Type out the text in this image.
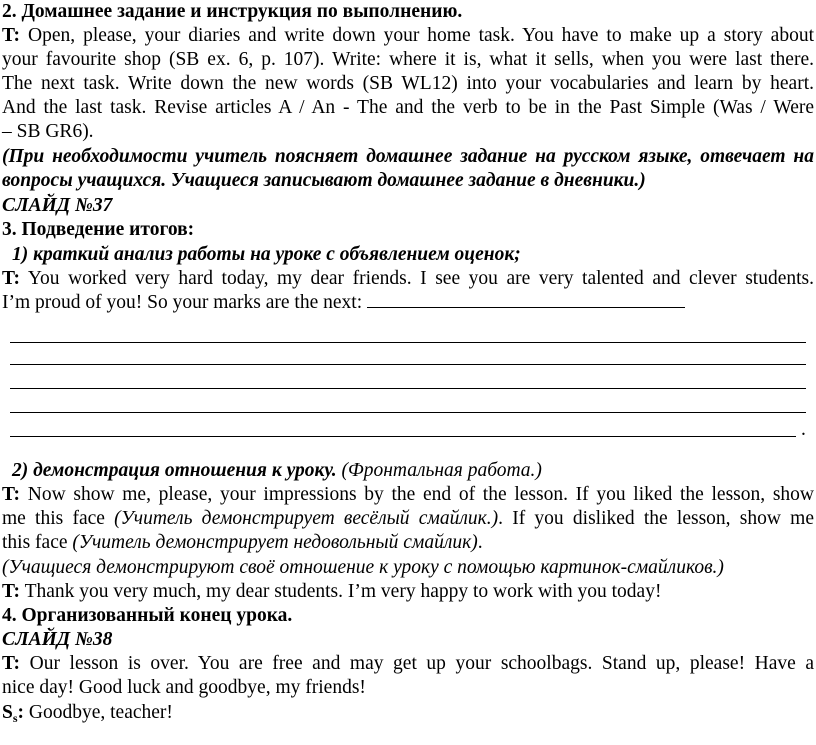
2. Домашнее задание и инструкция по выполнению.
T: Open, please, your diaries and write down your home task. You have to make up a story about
your favourite shop (SB ex. 6, p. 107). Write: where it is, what it sells, when you were last there.
The next task. Write down the new words (SB WL12) into your vocabularies and learn by heart.
And the last task. Revise articles A / An - The and the verb to be in the Past Simple (Was / Were
– SB GR6).
(При необходимости учитель поясняет домашнее задание на русском языке, отвечает на
вопросы учащихся. Учащиеся записывают домашнее задание в дневники.)
СЛАЙД №37
3. Подведение итогов:
1) краткий анализ работы на уроке с объявлением оценок;
T: You worked very hard today, my dear friends. I see you are very talented and clever students.
I’m proud of you! So your marks are the next:
.
2) демонстрация отношения к уроку. (Фронтальная работа.)
T: Now show me, please, your impressions by the end of the lesson. If you liked the lesson, show
me this face (Учитель демонстрирует весёлый смайлик.). If you disliked the lesson, show me
this face (Учитель демонстрирует недовольный смайлик).
(Учащиеся демонстрируют своё отношение к уроку с помощью картинок-смайликов.)
T: Thank you very much, my dear students. I’m very happy to work with you today!
4. Организованный конец урока.
СЛАЙД №38
T: Our lesson is over. You are free and may get up your schoolbags. Stand up, please! Have a
nice day! Good luck and goodbye, my friends!
$S_s$: Goodbye, teacher!
